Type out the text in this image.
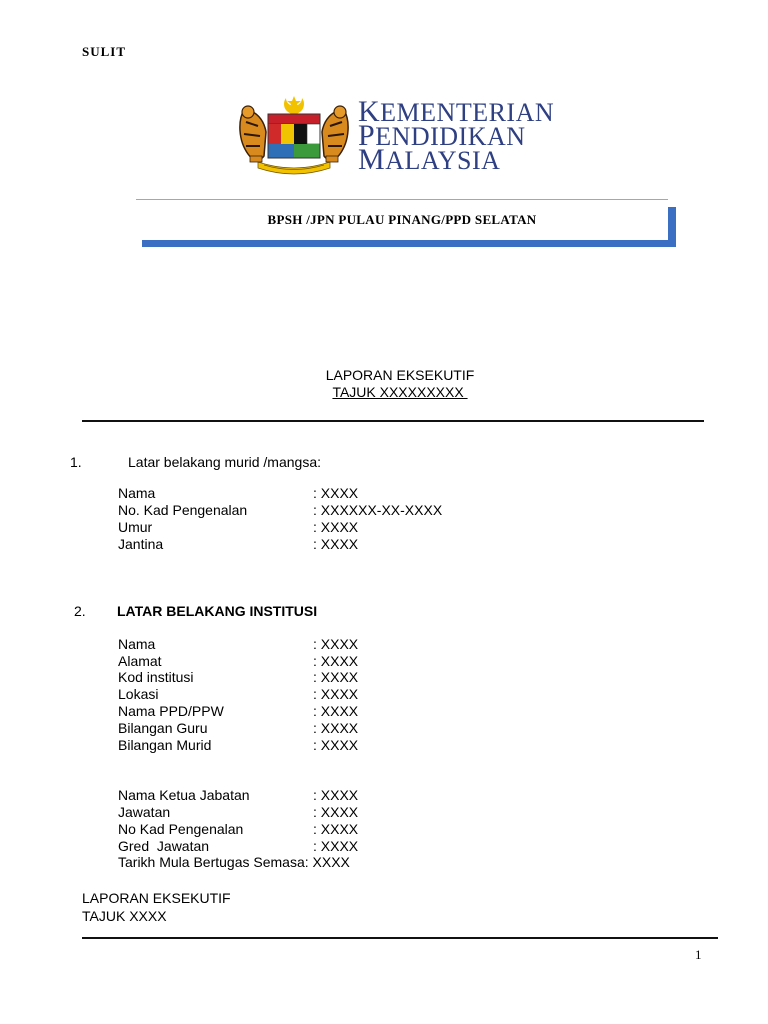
SULIT
KEMENTERIAN
PENDIDIKAN
MALAYSIA
BPSH /JPN PULAU PINANG/PPD SELATAN
LAPORAN EKSEKUTIF
TAJUK XXXXXXXXX
1.	Latar belakang murid /mangsa:
Nama	: XXXX
No. Kad Pengenalan	: XXXXXX-XX-XXXX
Umur	: XXXX
Jantina	: XXXX
2. LATAR BELAKANG INSTITUSI
Nama	: XXXX
Alamat	: XXXX
Kod institusi	: XXXX
Lokasi	: XXXX
Nama PPD/PPW	: XXXX
Bilangan Guru	: XXXX
Bilangan Murid	: XXXX
Nama Ketua Jabatan	: XXXX
Jawatan	: XXXX
No Kad Pengenalan	: XXXX
Gred  Jawatan	: XXXX
Tarikh Mula Bertugas Semasa: XXXX
LAPORAN EKSEKUTIF
TAJUK XXXX
1
